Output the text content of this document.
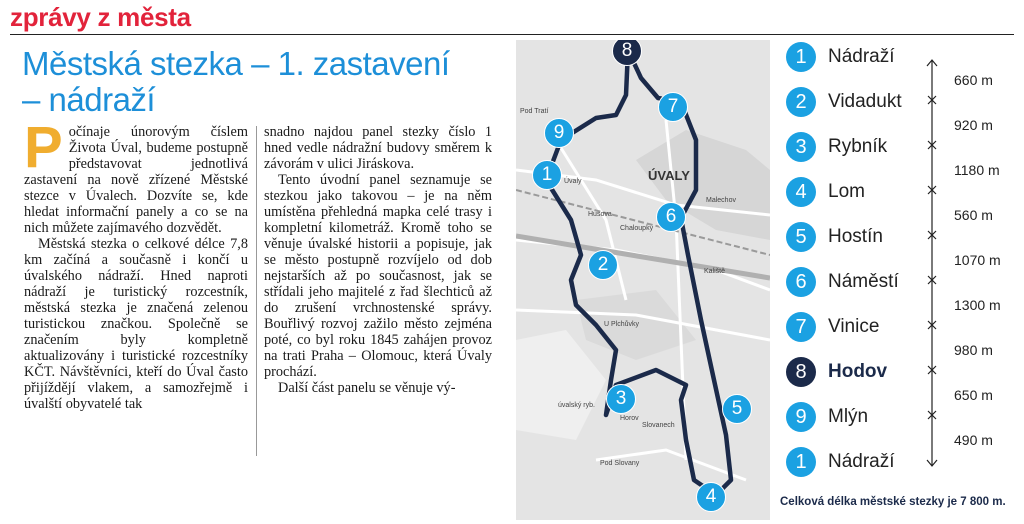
zprávy z města
Městská stezka – 1. zastavení
– nádraží

Počínaje únorovým číslem Života Úval, budeme postupně představovat jednotlivá zastavení na nově zřízené Městské stezce v Úvalech. Dozvíte se, kde hledat informační panely a co se na nich můžete zajímavého dozvědět.

Městská stezka o celkové délce 7,8 km začíná a současně i končí u úvalského nádraží. Hned naproti nádraží je turistický rozcestník, městská stezka je značená zelenou turistickou značkou. Společně se značením byly kompletně aktualizovány i turistické rozcestníky KČT. Návštěvníci, kteří do Úval často přijíždějí vlakem, a samozřejmě i úvalští obyvatelé tak

snadno najdou panel stezky číslo 1 hned vedle nádražní budovy směrem k závorám v ulici Jiráskova.

Tento úvodní panel seznamuje se stezkou jako takovou – je na něm umístěna přehledná mapka celé trasy i kompletní kilometráž. Kromě toho se věnuje úvalské historii a popisuje, jak se město postupně rozvíjelo od dob nejstarších až po současnost, jak se střídali jeho majitelé z řad šlechticů až do zrušení vrchnostenské správy. Bouřlivý rozvoj zažilo město zejména poté, co byl roku 1845 zahájen provoz na trati Praha – Olomouc, která Úvaly prochází.

Další část panelu se věnuje vý-

Pod Tratí
ÚVALY
Úvaly
Husova
Chaloupky
Malechov
U Plchůvky
Slovanech
Pod Slovany
úvalský ryb.
Kaliště
Horov
8
7
9
1
6
2
3	5
4
1	Nádraží
2	Vidadukt
3	Rybník
4	Lom
5	Hostín
6	Náměstí
7	Vinice
8	Hodov
9	Mlýn
1	Nádraží
660 m
920 m
1180 m
560 m
1070 m
1300 m
980 m
650 m
490 m
Celková délka městské stezky je 7 800 m.
